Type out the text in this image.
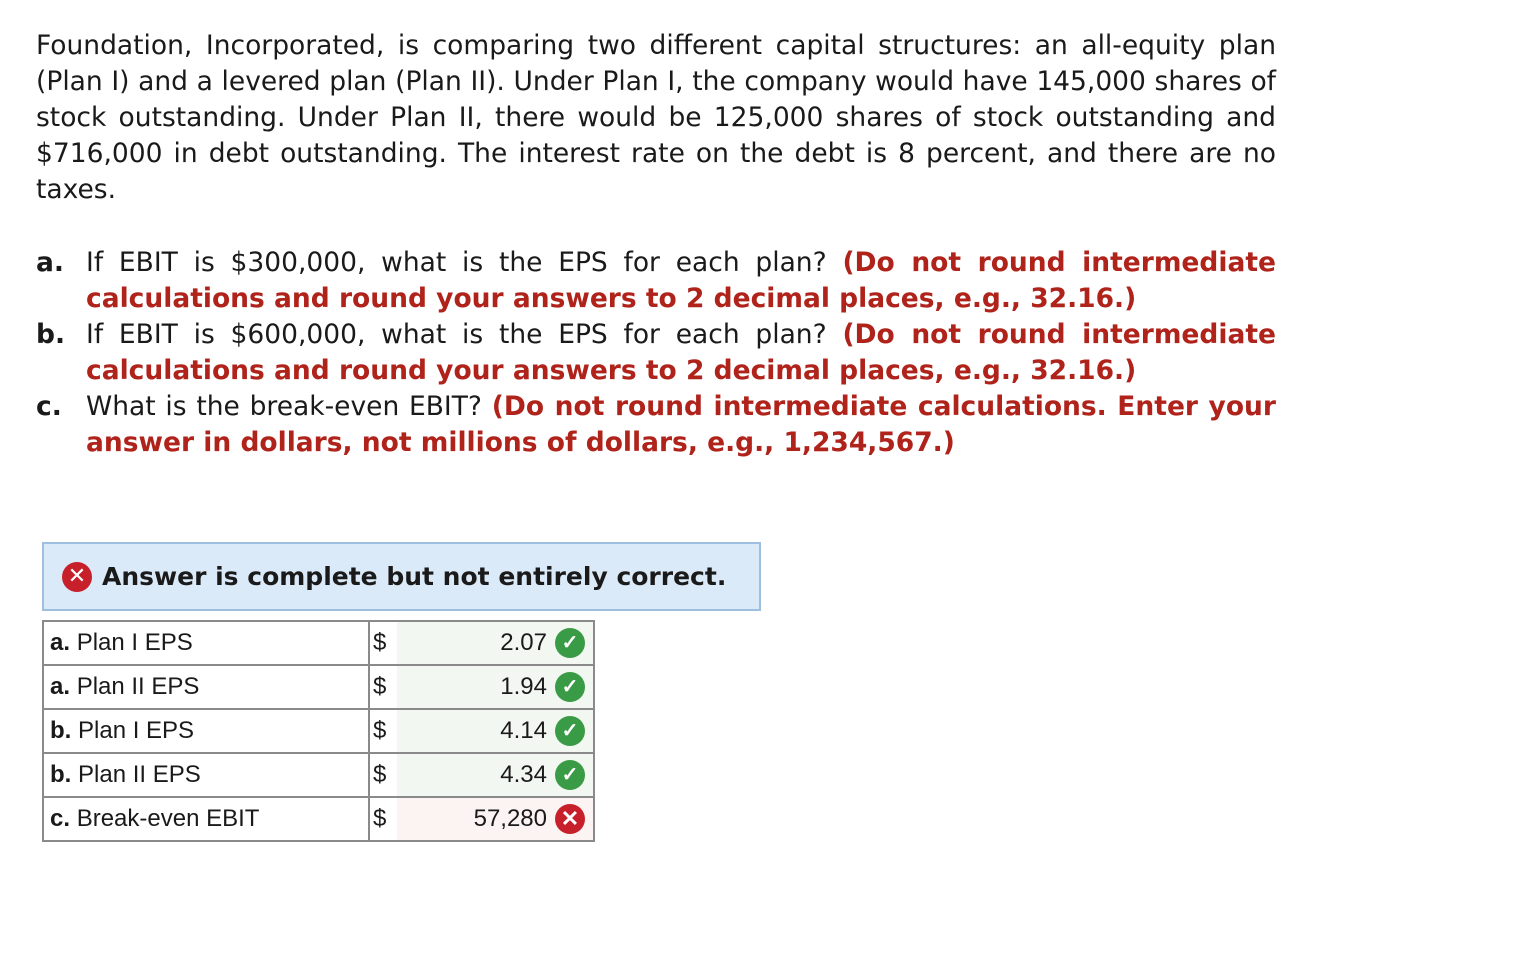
Foundation, Incorporated, is comparing two different capital structures: an all-equity plan (Plan I) and a levered plan (Plan II). Under Plan I, the company would have 145,000 shares of stock outstanding. Under Plan II, there would be 125,000 shares of stock outstanding and $716,000 in debt outstanding. The interest rate on the debt is 8 percent, and there are no taxes.

a. If EBIT is $300,000, what is the EPS for each plan? (Do not round intermediate calculations and round your answers to 2 decimal places, e.g., 32.16.)
b. If EBIT is $600,000, what is the EPS for each plan? (Do not round intermediate calculations and round your answers to 2 decimal places, e.g., 32.16.)
c. What is the break-even EBIT? (Do not round intermediate calculations. Enter your answer in dollars, not millions of dollars, e.g., 1,234,567.)
✕ Answer is complete but not entirely correct.
a. Plan I EPS	$	2.07 ✓

a. Plan II EPS	$	1.94 ✓

b. Plan I EPS	$	4.14 ✓

b. Plan II EPS	$	4.34 ✓

c. Break-even EBIT	$	57,280 ✕
